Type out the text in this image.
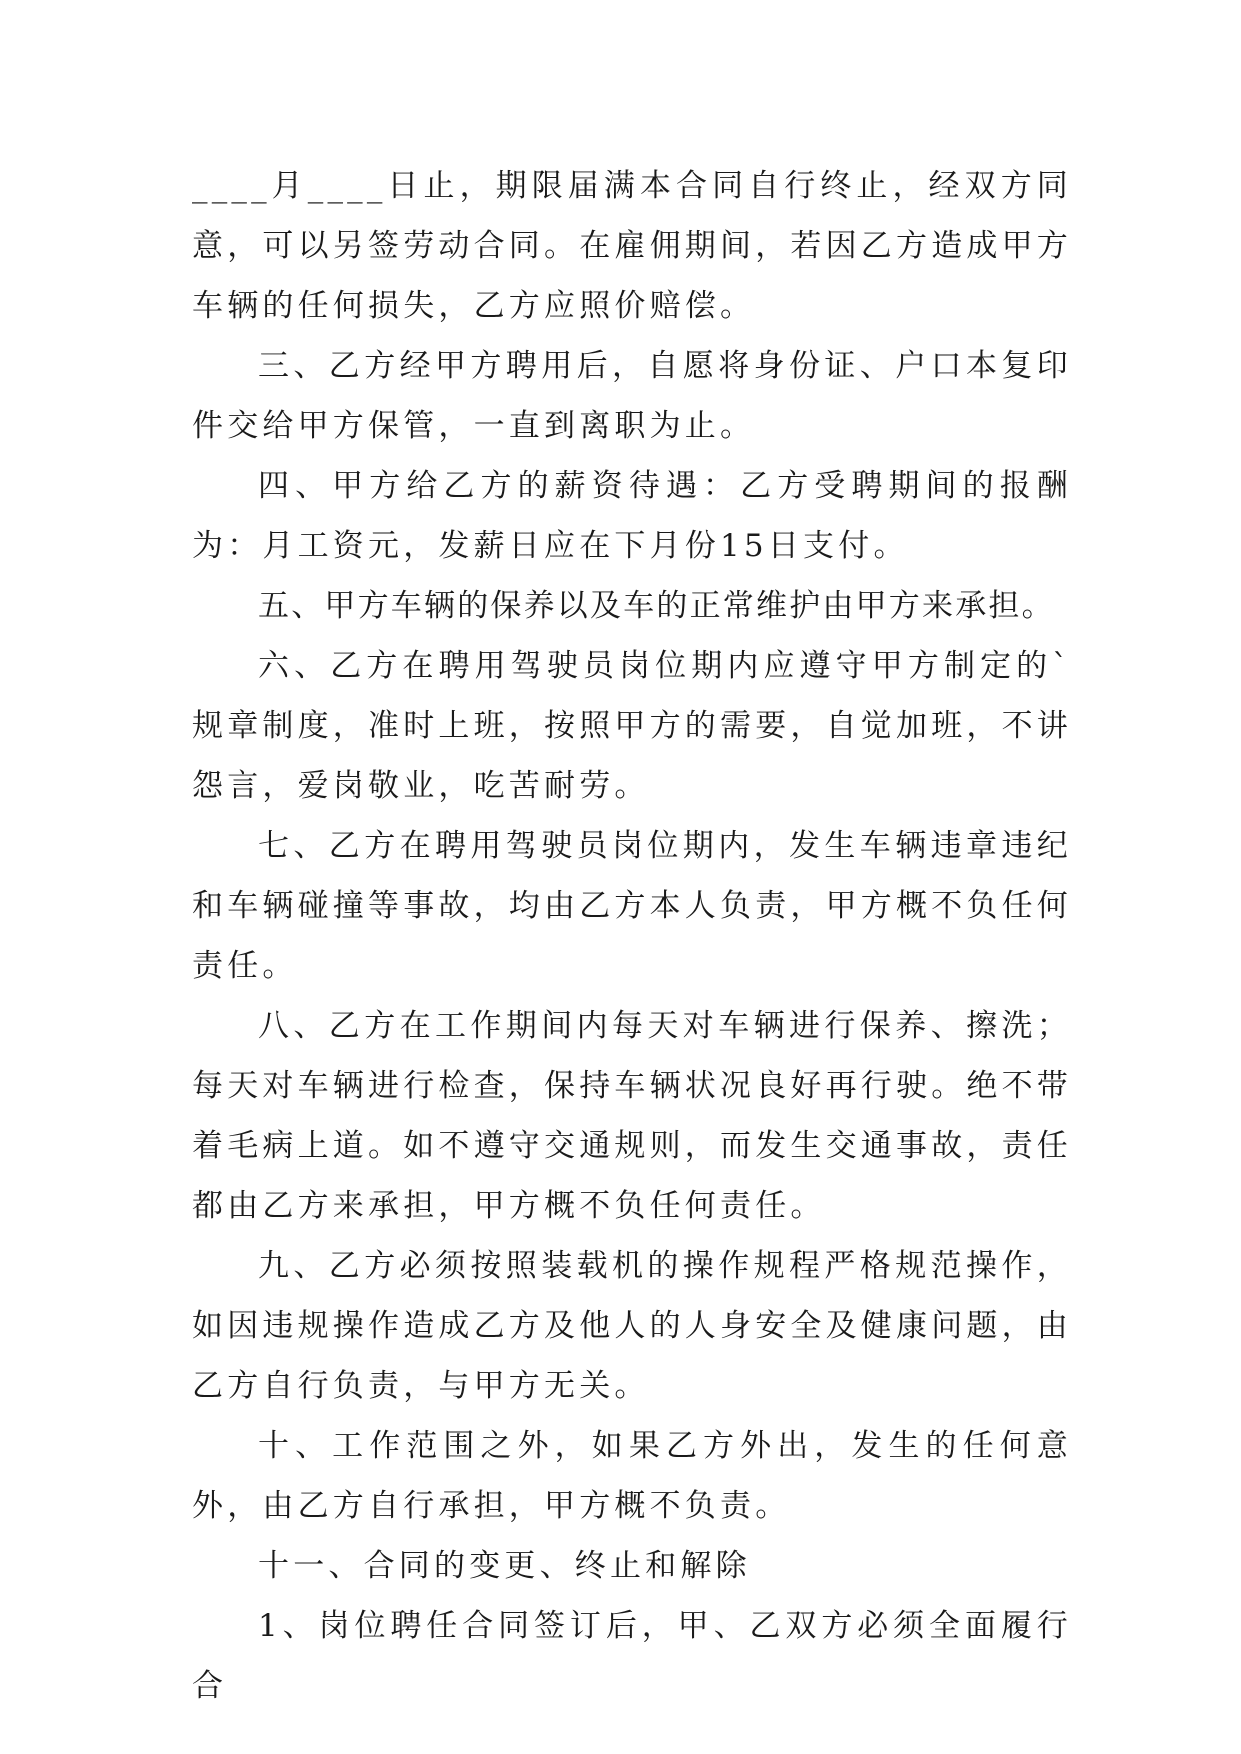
____月____日止，期限届满本合同自行终止，经双方同意，可以另签劳动合同。在雇佣期间，若因乙方造成甲方车辆的任何损失，乙方应照价赔偿。

三、乙方经甲方聘用后，自愿将身份证、户口本复印件交给甲方保管，一直到离职为止。

四、甲方给乙方的薪资待遇：乙方受聘期间的报酬为：月工资元，发薪日应在下月份15日支付。

五、甲方车辆的保养以及车的正常维护由甲方来承担。

六、乙方在聘用驾驶员岗位期内应遵守甲方制定的`规章制度，准时上班，按照甲方的需要，自觉加班，不讲怨言，爱岗敬业，吃苦耐劳。

七、乙方在聘用驾驶员岗位期内，发生车辆违章违纪和车辆碰撞等事故，均由乙方本人负责，甲方概不负任何责任。

八、乙方在工作期间内每天对车辆进行保养、擦洗；每天对车辆进行检查，保持车辆状况良好再行驶。绝不带着毛病上道。如不遵守交通规则，而发生交通事故，责任都由乙方来承担，甲方概不负任何责任。

九、乙方必须按照装载机的操作规程严格规范操作，如因违规操作造成乙方及他人的人身安全及健康问题，由乙方自行负责，与甲方无关。

十、工作范围之外，如果乙方外出，发生的任何意外，由乙方自行承担，甲方概不负责。

十一、合同的变更、终止和解除

1、岗位聘任合同签订后，甲、乙双方必须全面履行合
